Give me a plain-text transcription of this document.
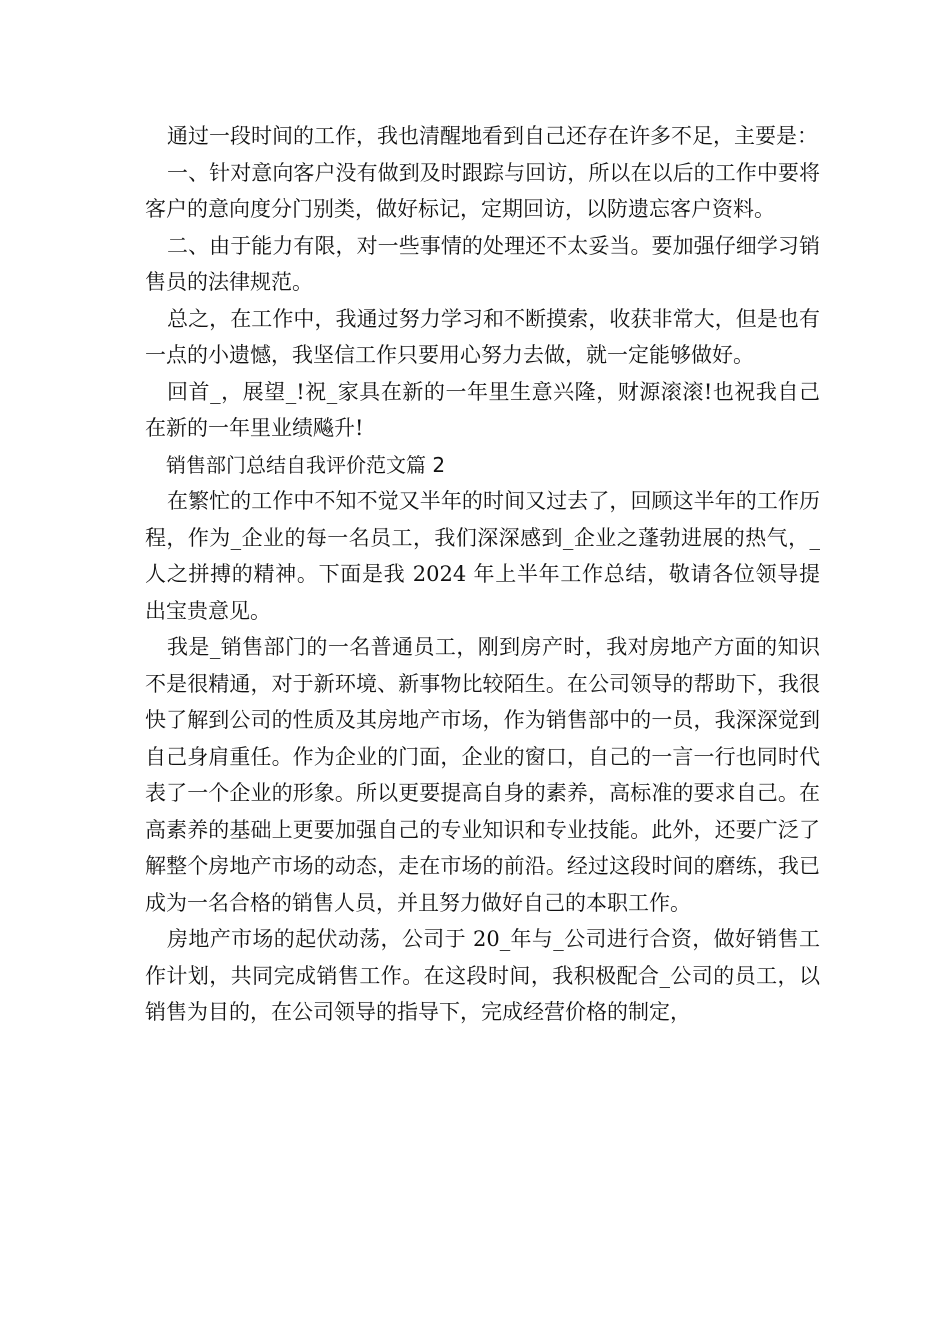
通过一段时间的工作，我也清醒地看到自己还存在许多不足，主要是：

一、针对意向客户没有做到及时跟踪与回访，所以在以后的工作中要将客户的意向度分门别类，做好标记，定期回访，以防遗忘客户资料。

二、由于能力有限，对一些事情的处理还不太妥当。要加强仔细学习销售员的法律规范。

总之，在工作中，我通过努力学习和不断摸索，收获非常大，但是也有一点的小遗憾，我坚信工作只要用心努力去做，就一定能够做好。

回首_，展望_!祝_家具在新的一年里生意兴隆，财源滚滚!也祝我自己在新的一年里业绩飚升!

销售部门总结自我评价范文篇 2

在繁忙的工作中不知不觉又半年的时间又过去了，回顾这半年的工作历程，作为_企业的每一名员工，我们深深感到_企业之蓬勃进展的热气，_人之拼搏的精神。下面是我 2024 年上半年工作总结，敬请各位领导提出宝贵意见。

我是_销售部门的一名普通员工，刚到房产时，我对房地产方面的知识不是很精通，对于新环境、新事物比较陌生。在公司领导的帮助下，我很快了解到公司的性质及其房地产市场，作为销售部中的一员，我深深觉到自己身肩重任。作为企业的门面，企业的窗口，自己的一言一行也同时代表了一个企业的形象。所以更要提高自身的素养，高标准的要求自己。在高素养的基础上更要加强自己的专业知识和专业技能。此外，还要广泛了解整个房地产市场的动态，走在市场的前沿。经过这段时间的磨练，我已成为一名合格的销售人员，并且努力做好自己的本职工作。

房地产市场的起伏动荡，公司于 20_年与_公司进行合资，做好销售工作计划，共同完成销售工作。在这段时间，我积极配合_公司的员工，以销售为目的，在公司领导的指导下，完成经营价格的制定，
